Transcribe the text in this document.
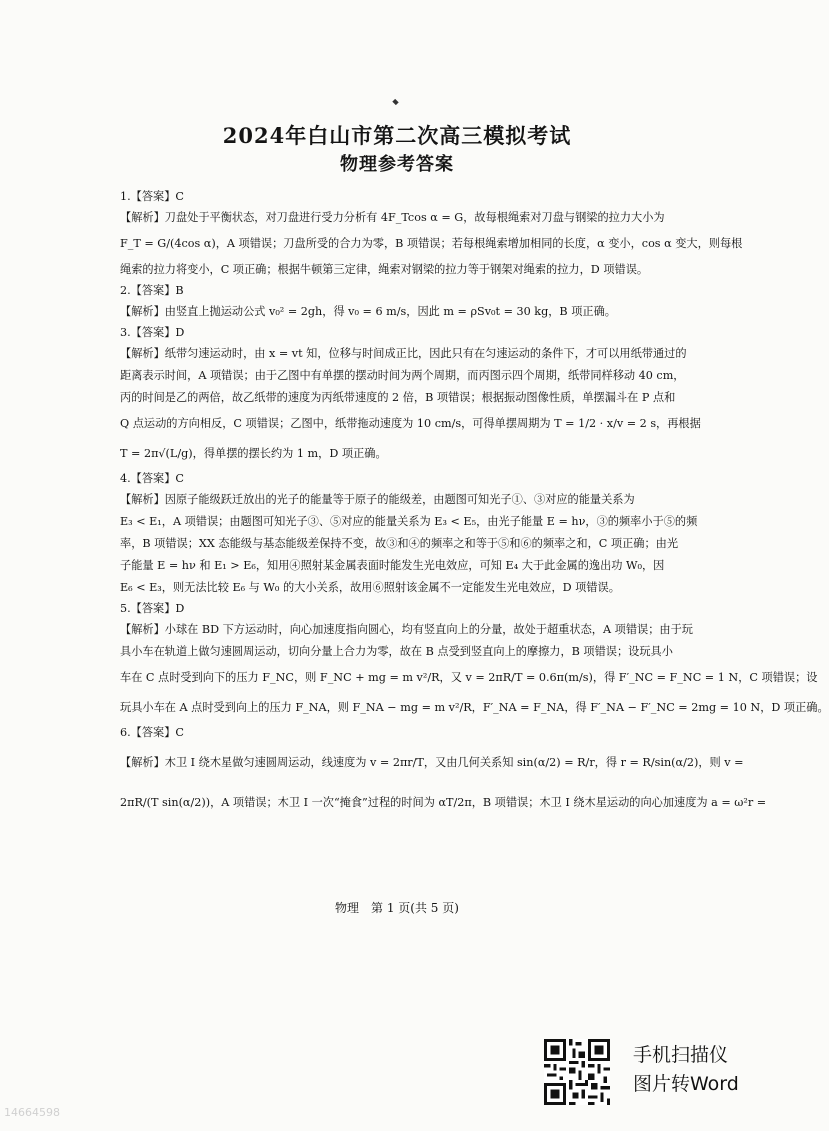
2024年白山市第二次高三模拟考试
物理参考答案
1.【答案】C
【解析】刀盘处于平衡状态，对刀盘进行受力分析有 4F_Tcos α = G，故每根绳索对刀盘与钢梁的拉力大小为
F_T = G/(4cos α)，A 项错误；刀盘所受的合力为零，B 项错误；若每根绳索增加相同的长度，α 变小，cos α 变大，则每根
绳索的拉力将变小，C 项正确；根据牛顿第三定律，绳索对钢梁的拉力等于钢架对绳索的拉力，D 项错误。
2.【答案】B
【解析】由竖直上抛运动公式 v₀² = 2gh，得 v₀ = 6 m/s，因此 m = ρSv₀t = 30 kg，B 项正确。
3.【答案】D
【解析】纸带匀速运动时，由 x = vt 知，位移与时间成正比，因此只有在匀速运动的条件下，才可以用纸带通过的
距离表示时间，A 项错误；由于乙图中有单摆的摆动时间为两个周期，而丙图示四个周期，纸带同样移动 40 cm，
丙的时间是乙的两倍，故乙纸带的速度为丙纸带速度的 2 倍，B 项错误；根据振动图像性质，单摆漏斗在 P 点和
Q 点运动的方向相反，C 项错误；乙图中，纸带拖动速度为 10 cm/s，可得单摆周期为 T = 1/2 · x/v = 2 s，再根据
T = 2π√(L/g)，得单摆的摆长约为 1 m，D 项正确。
4.【答案】C
【解析】因原子能级跃迁放出的光子的能量等于原子的能级差，由题图可知光子①、③对应的能量关系为
E₃ < E₁，A 项错误；由题图可知光子③、⑤对应的能量关系为 E₃ < E₅，由光子能量 E = hν，③的频率小于⑤的频
率，B 项错误；XX 态能级与基态能级差保持不变，故③和④的频率之和等于⑤和⑥的频率之和，C 项正确；由光
子能量 E = hν 和 E₁ > E₆，知用④照射某金属表面时能发生光电效应，可知 E₄ 大于此金属的逸出功 W₀，因
E₆ < E₃，则无法比较 E₆ 与 W₀ 的大小关系，故用⑥照射该金属不一定能发生光电效应，D 项错误。
5.【答案】D
【解析】小球在 BD 下方运动时，向心加速度指向圆心，均有竖直向上的分量，故处于超重状态，A 项错误；由于玩
具小车在轨道上做匀速圆周运动，切向分量上合力为零，故在 B 点受到竖直向上的摩擦力，B 项错误；设玩具小
车在 C 点时受到向下的压力 F_NC，则 F_NC + mg = m v²/R，又 v = 2πR/T = 0.6π(m/s)，得 F′_NC = F_NC = 1 N，C 项错误；设
玩具小车在 A 点时受到向上的压力 F_NA，则 F_NA − mg = m v²/R，F′_NA = F_NA，得 F′_NA − F′_NC = 2mg = 10 N，D 项正确。
6.【答案】C
【解析】木卫 I 绕木星做匀速圆周运动，线速度为 v = 2πr/T，又由几何关系知 sin(α/2) = R/r，得 r = R/sin(α/2)，则 v =
2πR/(T sin(α/2))，A 项错误；木卫 I 一次“掩食”过程的时间为 αT/2π，B 项错误；木卫 I 绕木星运动的向心加速度为 a = ω²r =
物理　第 1 页(共 5 页)
手机扫描仪
图片转Word
14664598
